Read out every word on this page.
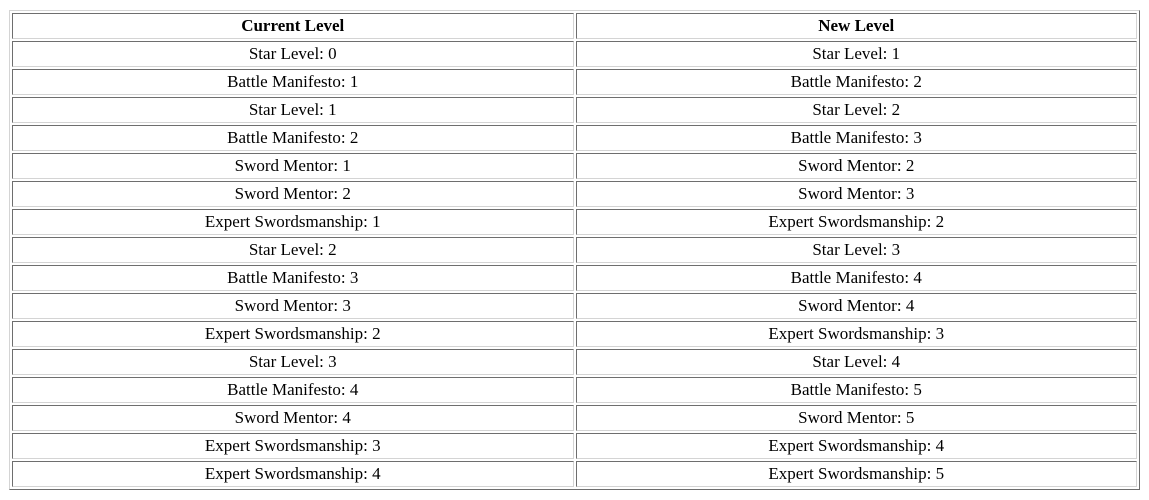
Current Level	New Level
Star Level: 0	Star Level: 1
Battle Manifesto: 1	Battle Manifesto: 2
Star Level: 1	Star Level: 2
Battle Manifesto: 2	Battle Manifesto: 3
Sword Mentor: 1	Sword Mentor: 2
Sword Mentor: 2	Sword Mentor: 3
Expert Swordsmanship: 1	Expert Swordsmanship: 2
Star Level: 2	Star Level: 3
Battle Manifesto: 3	Battle Manifesto: 4
Sword Mentor: 3	Sword Mentor: 4
Expert Swordsmanship: 2	Expert Swordsmanship: 3
Star Level: 3	Star Level: 4
Battle Manifesto: 4	Battle Manifesto: 5
Sword Mentor: 4	Sword Mentor: 5
Expert Swordsmanship: 3	Expert Swordsmanship: 4
Expert Swordsmanship: 4	Expert Swordsmanship: 5
